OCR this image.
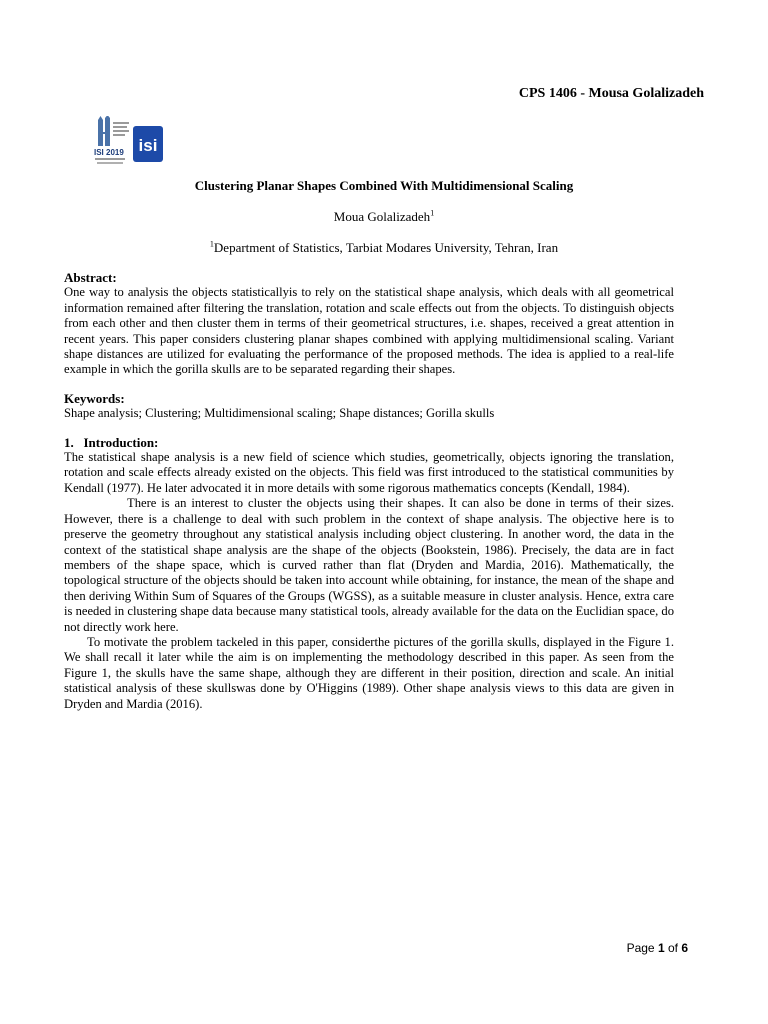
CPS 1406 - Mousa Golalizadeh
ISI 2019 isi
Clustering Planar Shapes Combined With Multidimensional Scaling
Moua Golalizadeh$^1$
$^1$Department of Statistics, Tarbiat Modares University, Tehran, Iran

Abstract:

One way to analysis the objects statisticallyis to rely on the statistical shape analysis, which deals with all geometrical information remained after filtering the translation, rotation and scale effects out from the objects. To distinguish objects from each other and then cluster them in terms of their geometrical structures, i.e. shapes, received a great attention in recent years. This paper considers clustering planar shapes combined with applying multidimensional scaling. Variant shape distances are utilized for evaluating the performance of the proposed methods. The idea is applied to a real-life example in which the gorilla skulls are to be separated regarding their shapes.

Keywords:

Shape analysis; Clustering; Multidimensional scaling; Shape distances; Gorilla skulls

1.   Introduction:

The statistical shape analysis is a new field of science which studies, geometrically, objects ignoring the translation, rotation and scale effects already existed on the objects. This field was first introduced to the statistical communities by Kendall (1977). He later advocated it in more details with some rigorous mathematics concepts (Kendall, 1984).

There is an interest to cluster the objects using their shapes. It can also be done in terms of their sizes. However, there is a challenge to deal with such problem in the context of shape analysis. The objective here is to preserve the geometry throughout any statistical analysis including object clustering. In another word, the data in the context of the statistical shape analysis are the shape of the objects (Bookstein, 1986). Precisely, the data are in fact members of the shape space, which is curved rather than flat (Dryden and Mardia, 2016). Mathematically, the topological structure of the objects should be taken into account while obtaining, for instance, the mean of the shape and then deriving Within Sum of Squares of the Groups (WGSS), as a suitable measure in cluster analysis. Hence, extra care is needed in clustering shape data because many statistical tools, already available for the data on the Euclidian space, do not directly work here.

To motivate the problem tackeled in this paper, considerthe pictures of the gorilla skulls, displayed in the Figure 1. We shall recall it later while the aim is on implementing the methodology described in this paper. As seen from the Figure 1, the skulls have the same shape, although they are different in their position, direction and scale. An initial statistical analysis of these skullswas done by O'Higgins (1989). Other shape analysis views to this data are given in Dryden and Mardia (2016).

Page 1 of 6
